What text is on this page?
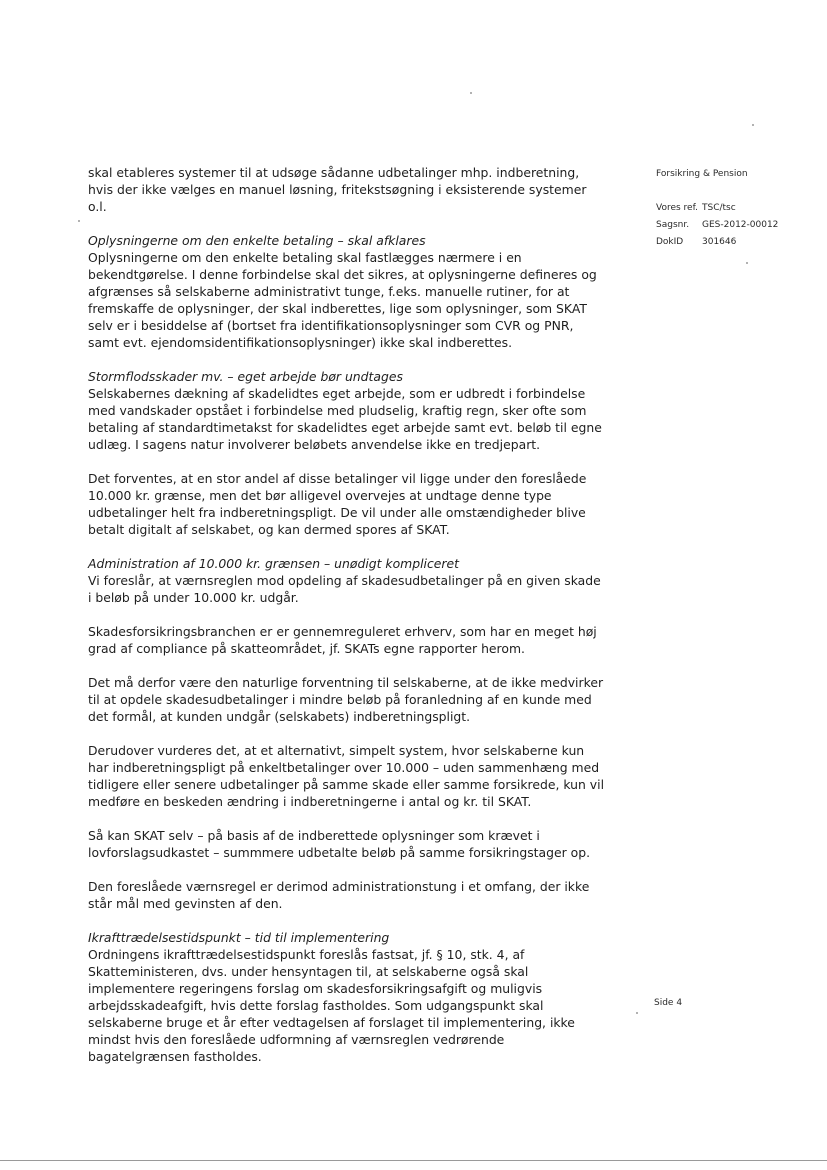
skal etableres systemer til at udsøge sådanne udbetalinger mhp. indberetning, hvis der ikke vælges en manuel løsning, fritekstsøgning i eksisterende systemer o.l.

Oplysningerne om den enkelte betaling – skal afklares

Oplysningerne om den enkelte betaling skal fastlægges nærmere i en bekendtgørelse. I denne forbindelse skal det sikres, at oplysningerne defineres og afgrænses så selskaberne administrativt tunge, f.eks. manuelle rutiner, for at fremskaffe de oplysninger, der skal indberettes, lige som oplysninger, som SKAT selv er i besiddelse af (bortset fra identifikationsoplysninger som CVR og PNR, samt evt. ejendomsidentifikationsoplysninger) ikke skal indberettes.

Stormflodsskader mv. – eget arbejde bør undtages

Selskabernes dækning af skadelidtes eget arbejde, som er udbredt i forbindelse med vandskader opstået i forbindelse med pludselig, kraftig regn, sker ofte som betaling af standardtimetakst for skadelidtes eget arbejde samt evt. beløb til egne udlæg. I sagens natur involverer beløbets anvendelse ikke en tredjepart.

Det forventes, at en stor andel af disse betalinger vil ligge under den foreslåede 10.000 kr. grænse, men det bør alligevel overvejes at undtage denne type udbetalinger helt fra indberetningspligt. De vil under alle omstændigheder blive betalt digitalt af selskabet, og kan dermed spores af SKAT.

Administration af 10.000 kr. grænsen – unødigt kompliceret

Vi foreslår, at værnsreglen mod opdeling af skadesudbetalinger på en given skade i beløb på under 10.000 kr. udgår.

Skadesforsikringsbranchen er er gennemreguleret erhverv, som har en meget høj grad af compliance på skatteområdet, jf. SKATs egne rapporter herom.

Det må derfor være den naturlige forventning til selskaberne, at de ikke medvirker til at opdele skadesudbetalinger i mindre beløb på foranledning af en kunde med det formål, at kunden undgår (selskabets) indberetningspligt.

Derudover vurderes det, at et alternativt, simpelt system, hvor selskaberne kun har indberetningspligt på enkeltbetalinger over 10.000 – uden sammenhæng med tidligere eller senere udbetalinger på samme skade eller samme forsikrede, kun vil medføre en beskeden ændring i indberetningerne i antal og kr. til SKAT.

Så kan SKAT selv – på basis af de indberettede oplysninger som krævet i lovforslagsudkastet – summmere udbetalte beløb på samme forsikringstager op.

Den foreslåede værnsregel er derimod administrationstung i et omfang, der ikke står mål med gevinsten af den.

Ikrafttrædelsestidspunkt – tid til implementering

Ordningens ikrafttrædelsestidspunkt foreslås fastsat, jf. § 10, stk. 4, af Skatteministeren, dvs. under hensyntagen til, at selskaberne også skal implementere regeringens forslag om skadesforsikringsafgift og muligvis arbejdsskadeafgift, hvis dette forslag fastholdes. Som udgangspunkt skal selskaberne bruge et år efter vedtagelsen af forslaget til implementering, ikke mindst hvis den foreslåede udformning af værnsreglen vedrørende bagatelgrænsen fastholdes.

Forsikring & Pension
Vores ref. TSC/tsc
Sagsnr.	GES-2012-00012
DokID	301646
Side 4
